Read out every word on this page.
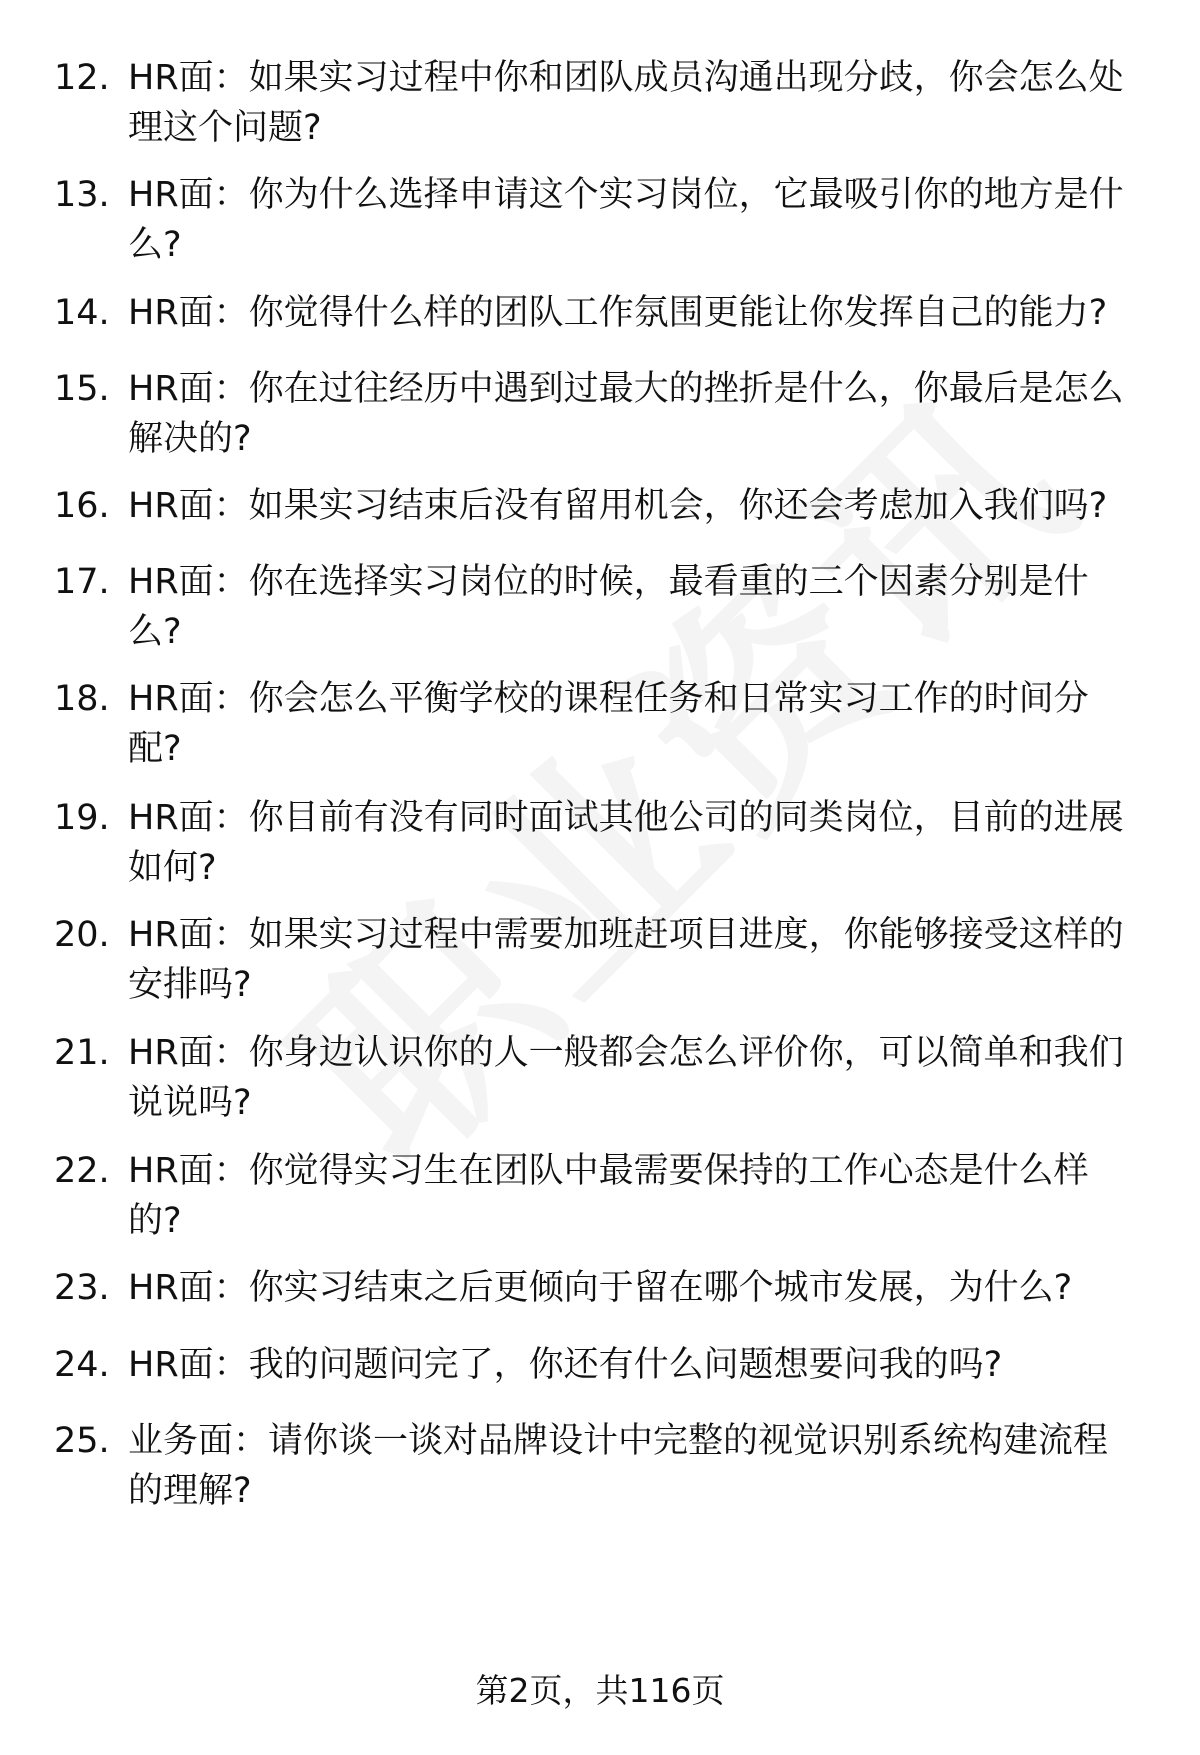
12. HR面：如果实习过程中你和团队成员沟通出现分歧，你会怎么处理这个问题?
13. HR面：你为什么选择申请这个实习岗位，它最吸引你的地方是什么?
14. HR面：你觉得什么样的团队工作氛围更能让你发挥自己的能力?
15. HR面：你在过往经历中遇到过最大的挫折是什么，你最后是怎么解决的?
16. HR面：如果实习结束后没有留用机会，你还会考虑加入我们吗?
17. HR面：你在选择实习岗位的时候，最看重的三个因素分别是什么?
18. HR面：你会怎么平衡学校的课程任务和日常实习工作的时间分配?
19. HR面：你目前有没有同时面试其他公司的同类岗位，目前的进展如何?
20. HR面：如果实习过程中需要加班赶项目进度，你能够接受这样的安排吗?
21. HR面：你身边认识你的人一般都会怎么评价你，可以简单和我们说说吗?
22. HR面：你觉得实习生在团队中最需要保持的工作心态是什么样的?
23. HR面：你实习结束之后更倾向于留在哪个城市发展，为什么?
24. HR面：我的问题问完了，你还有什么问题想要问我的吗?
25. 业务面：请你谈一谈对品牌设计中完整的视觉识别系统构建流程的理解?
第2页，共116页
